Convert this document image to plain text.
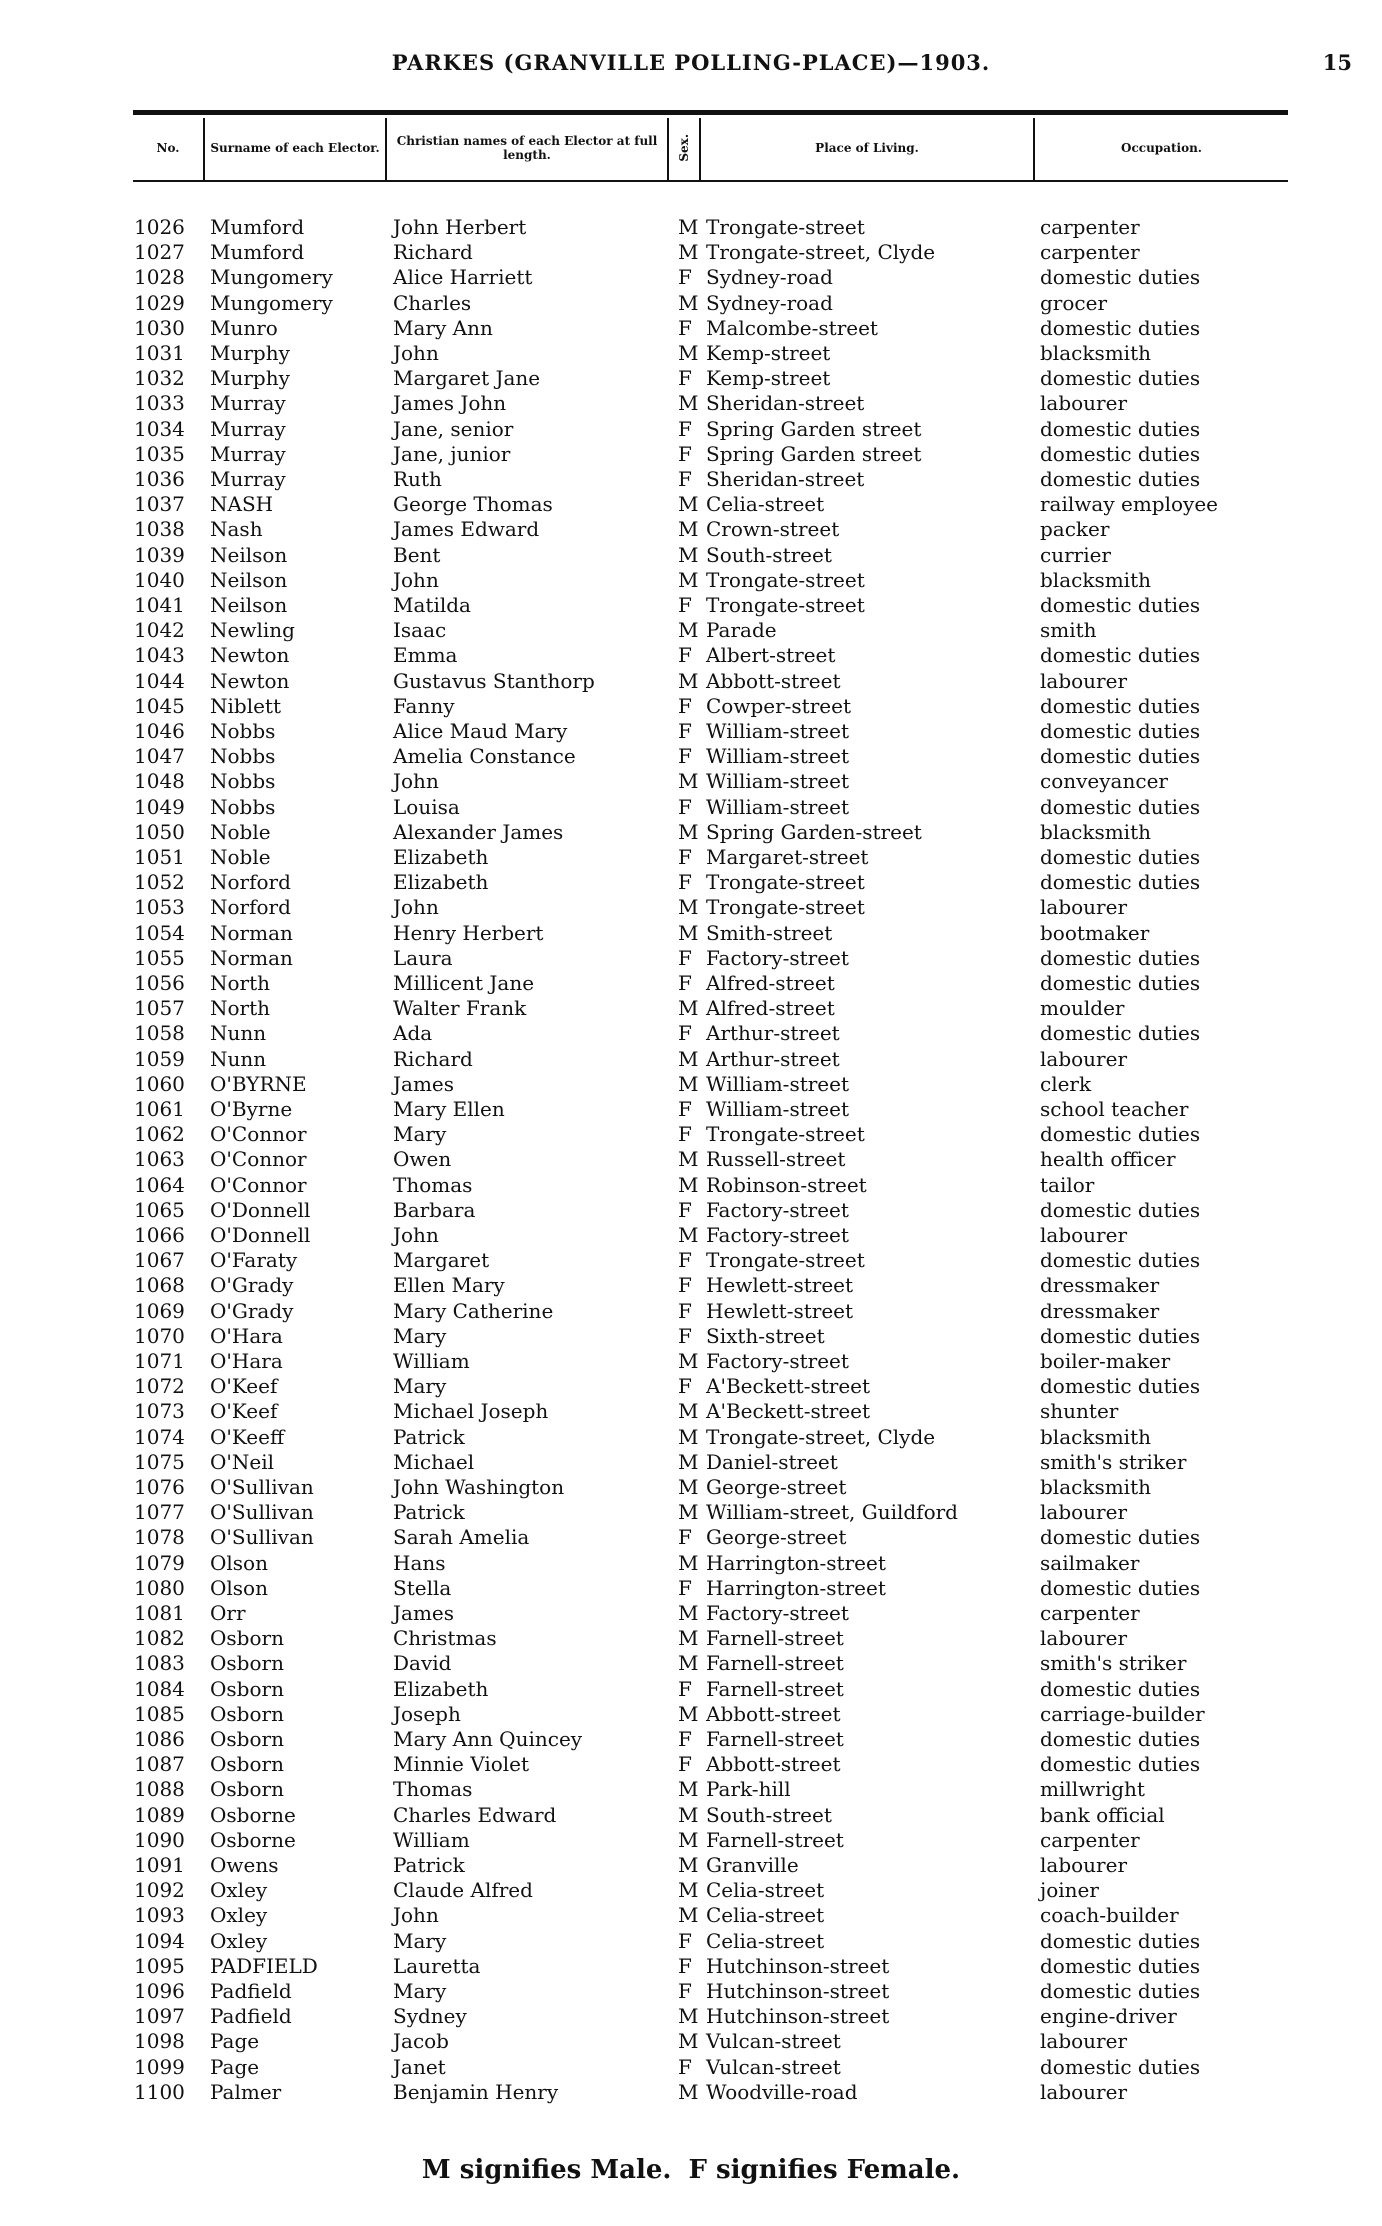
PARKES (GRANVILLE POLLING-PLACE)—1903.	15
No.	Surname of each Elector.	Christian names of each Elector at full length.	Sex.	Place of Living.	Occupation.
1026	Mumford	John Herbert	M Trongate-street	carpenter
1027	Mumford	Richard	M Trongate-street, Clyde	carpenter
1028	Mungomery	Alice Harriett	F Sydney-road	domestic duties
1029	Mungomery	Charles	M Sydney-road	grocer
1030	Munro	Mary Ann	F Malcombe-street	domestic duties
1031	Murphy	John	M Kemp-street	blacksmith
1032	Murphy	Margaret Jane	F Kemp-street	domestic duties
1033	Murray	James John	M Sheridan-street	labourer
1034	Murray	Jane, senior	F Spring Garden street	domestic duties
1035	Murray	Jane, junior	F Spring Garden street	domestic duties
1036	Murray	Ruth	F Sheridan-street	domestic duties
1037	NASH	George Thomas	M Celia-street	railway employee
1038	Nash	James Edward	M Crown-street	packer
1039	Neilson	Bent	M South-street	currier
1040	Neilson	John	M Trongate-street	blacksmith
1041	Neilson	Matilda	F Trongate-street	domestic duties
1042	Newling	Isaac	M Parade	smith
1043	Newton	Emma	F Albert-street	domestic duties
1044	Newton	Gustavus Stanthorp	M Abbott-street	labourer
1045	Niblett	Fanny	F Cowper-street	domestic duties
1046	Nobbs	Alice Maud Mary	F William-street	domestic duties
1047	Nobbs	Amelia Constance	F William-street	domestic duties
1048	Nobbs	John	M William-street	conveyancer
1049	Nobbs	Louisa	F William-street	domestic duties
1050	Noble	Alexander James	M Spring Garden-street	blacksmith
1051	Noble	Elizabeth	F Margaret-street	domestic duties
1052	Norford	Elizabeth	F Trongate-street	domestic duties
1053	Norford	John	M Trongate-street	labourer
1054	Norman	Henry Herbert	M Smith-street	bootmaker
1055	Norman	Laura	F Factory-street	domestic duties
1056	North	Millicent Jane	F Alfred-street	domestic duties
1057	North	Walter Frank	M Alfred-street	moulder
1058	Nunn	Ada	F Arthur-street	domestic duties
1059	Nunn	Richard	M Arthur-street	labourer
1060	O'BYRNE	James	M William-street	clerk
1061	O'Byrne	Mary Ellen	F William-street	school teacher
1062	O'Connor	Mary	F Trongate-street	domestic duties
1063	O'Connor	Owen	M Russell-street	health officer
1064	O'Connor	Thomas	M Robinson-street	tailor
1065	O'Donnell	Barbara	F Factory-street	domestic duties
1066	O'Donnell	John	M Factory-street	labourer
1067	O'Faraty	Margaret	F Trongate-street	domestic duties
1068	O'Grady	Ellen Mary	F Hewlett-street	dressmaker
1069	O'Grady	Mary Catherine	F Hewlett-street	dressmaker
1070	O'Hara	Mary	F Sixth-street	domestic duties
1071	O'Hara	William	M Factory-street	boiler-maker
1072	O'Keef	Mary	F A'Beckett-street	domestic duties
1073	O'Keef	Michael Joseph	M A'Beckett-street	shunter
1074	O'Keeff	Patrick	M Trongate-street, Clyde	blacksmith
1075	O'Neil	Michael	M Daniel-street	smith's striker
1076	O'Sullivan	John Washington	M George-street	blacksmith
1077	O'Sullivan	Patrick	M William-street, Guildford	labourer
1078	O'Sullivan	Sarah Amelia	F George-street	domestic duties
1079	Olson	Hans	M Harrington-street	sailmaker
1080	Olson	Stella	F Harrington-street	domestic duties
1081	Orr	James	M Factory-street	carpenter
1082	Osborn	Christmas	M Farnell-street	labourer
1083	Osborn	David	M Farnell-street	smith's striker
1084	Osborn	Elizabeth	F Farnell-street	domestic duties
1085	Osborn	Joseph	M Abbott-street	carriage-builder
1086	Osborn	Mary Ann Quincey	F Farnell-street	domestic duties
1087	Osborn	Minnie Violet	F Abbott-street	domestic duties
1088	Osborn	Thomas	M Park-hill	millwright
1089	Osborne	Charles Edward	M South-street	bank official
1090	Osborne	William	M Farnell-street	carpenter
1091	Owens	Patrick	M Granville	labourer
1092	Oxley	Claude Alfred	M Celia-street	joiner
1093	Oxley	John	M Celia-street	coach-builder
1094	Oxley	Mary	F Celia-street	domestic duties
1095	PADFIELD	Lauretta	F Hutchinson-street	domestic duties
1096	Padfield	Mary	F Hutchinson-street	domestic duties
1097	Padfield	Sydney	M Hutchinson-street	engine-driver
1098	Page	Jacob	M Vulcan-street	labourer
1099	Page	Janet	F Vulcan-street	domestic duties
1100	Palmer	Benjamin Henry	M Woodville-road	labourer
M signifies Male. F signifies Female.
